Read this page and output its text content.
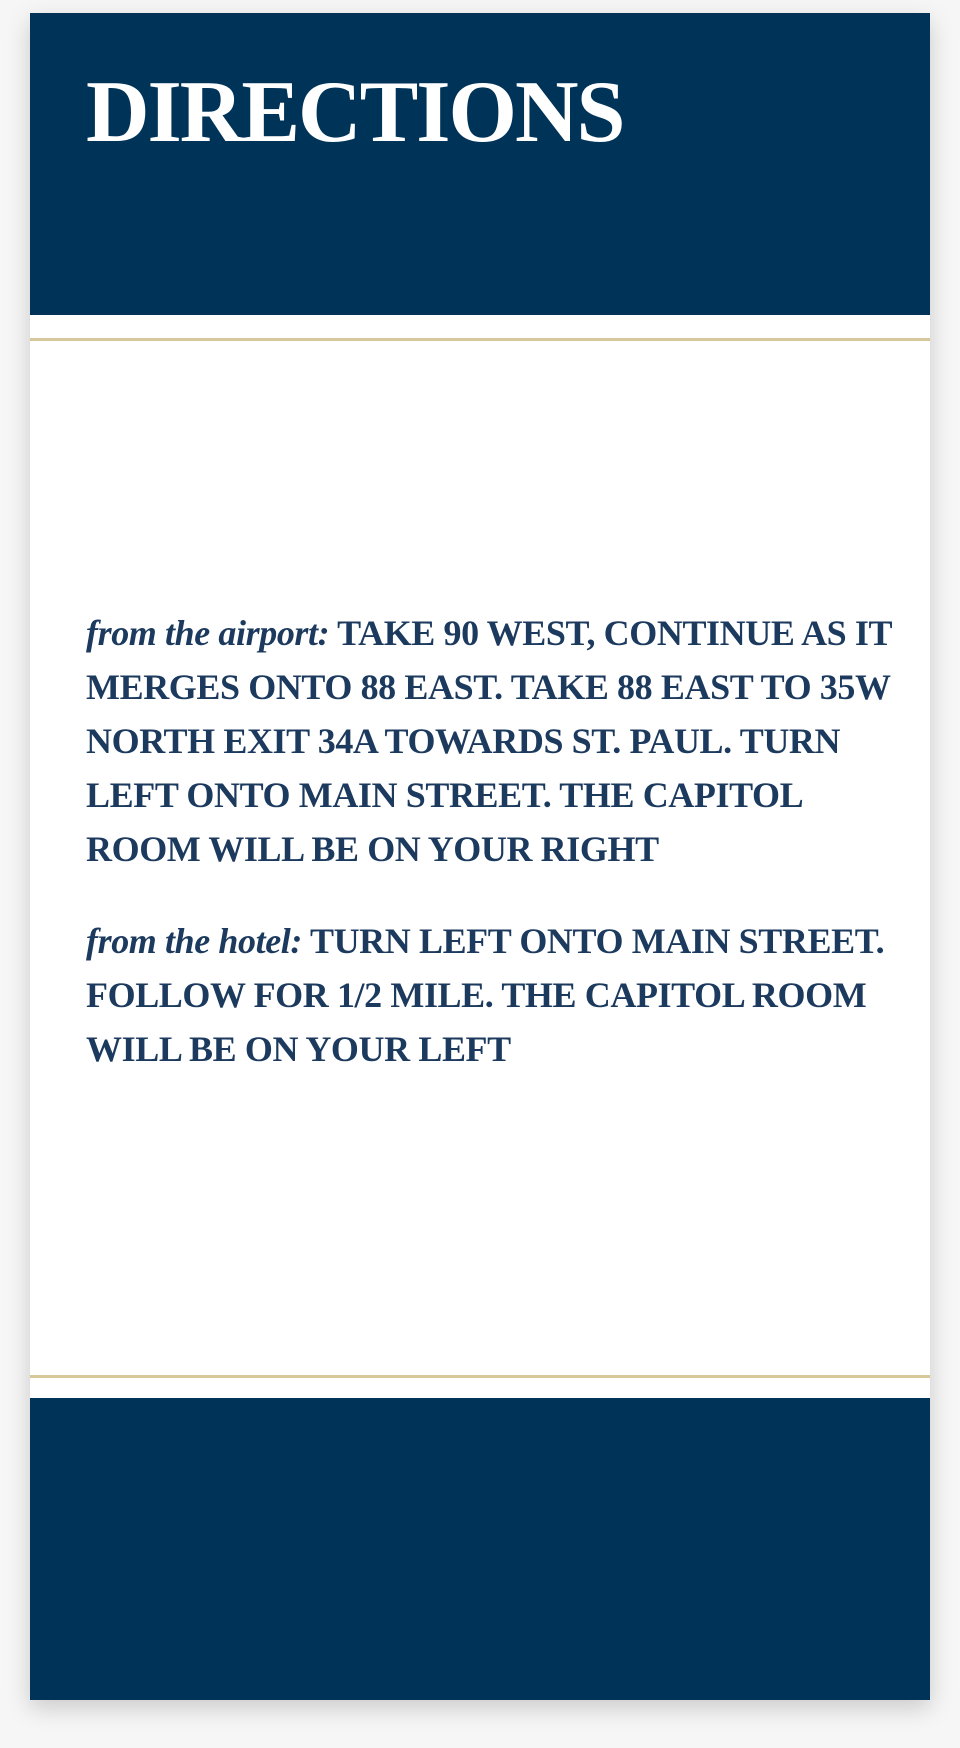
DIRECTIONS

from the airport: TAKE 90 WEST, CONTINUE AS IT MERGES ONTO 88 EAST. TAKE 88 EAST TO 35W NORTH EXIT 34A TOWARDS ST. PAUL. TURN LEFT ONTO MAIN STREET. THE CAPITOL ROOM WILL BE ON YOUR RIGHT

from the hotel: TURN LEFT ONTO MAIN STREET. FOLLOW FOR 1/2 MILE. THE CAPITOL ROOM WILL BE ON YOUR LEFT
